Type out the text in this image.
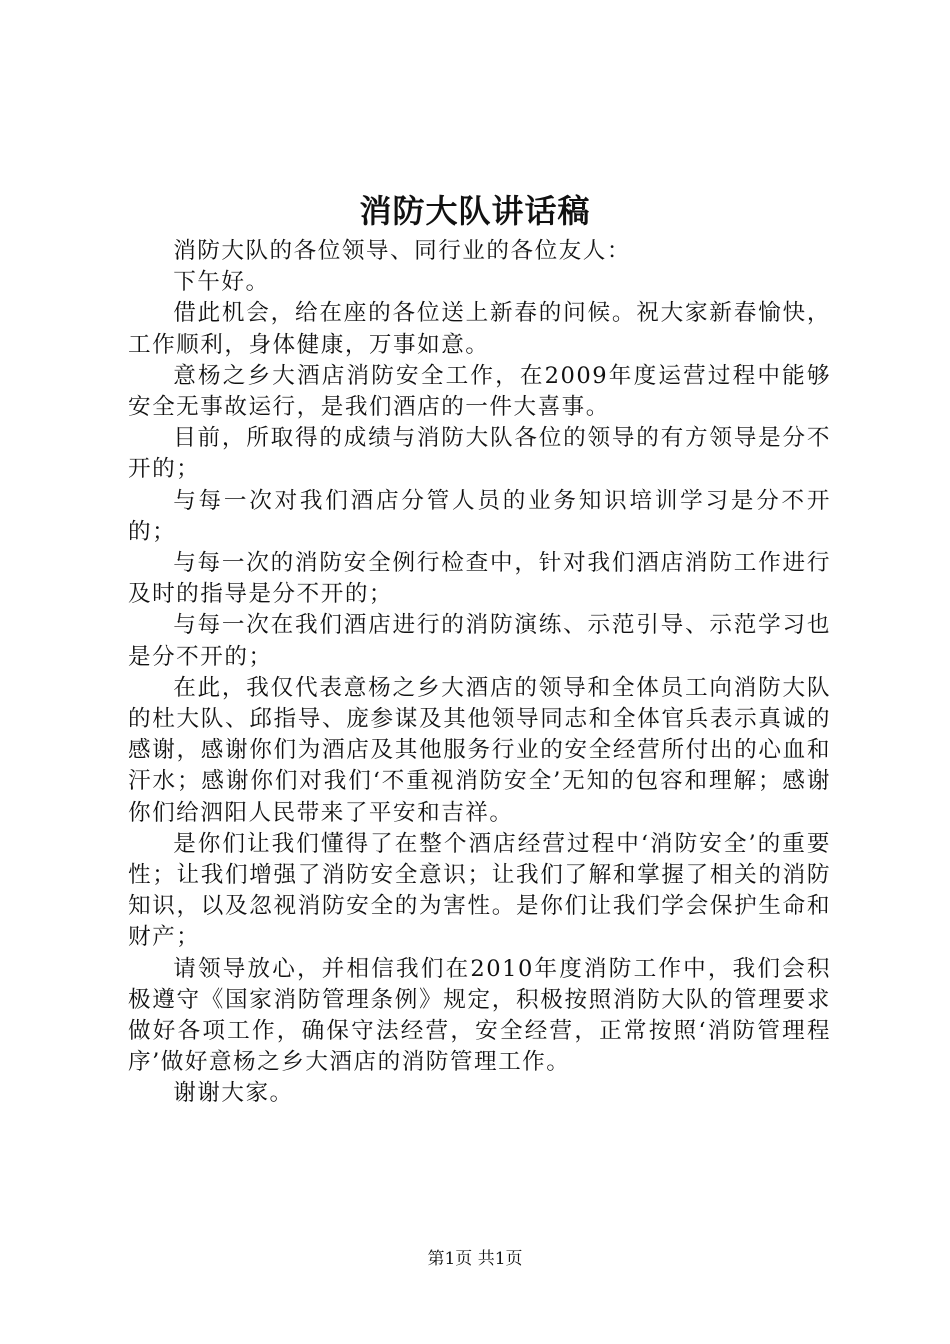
消防大队讲话稿

消防大队的各位领导、同行业的各位友人：

下午好。

借此机会，给在座的各位送上新春的问候。祝大家新春愉快，工作顺利，身体健康，万事如意。

意杨之乡大酒店消防安全工作，在2009年度运营过程中能够安全无事故运行，是我们酒店的一件大喜事。

目前，所取得的成绩与消防大队各位的领导的有方领导是分不开的；

与每一次对我们酒店分管人员的业务知识培训学习是分不开的；

与每一次的消防安全例行检查中，针对我们酒店消防工作进行及时的指导是分不开的；

与每一次在我们酒店进行的消防演练、示范引导、示范学习也是分不开的；

在此，我仅代表意杨之乡大酒店的领导和全体员工向消防大队的杜大队、邱指导、庞参谋及其他领导同志和全体官兵表示真诚的感谢，感谢你们为酒店及其他服务行业的安全经营所付出的心血和汗水；感谢你们对我们‘不重视消防安全’无知的包容和理解；感谢你们给泗阳人民带来了平安和吉祥。

是你们让我们懂得了在整个酒店经营过程中‘消防安全’的重要性；让我们增强了消防安全意识；让我们了解和掌握了相关的消防知识，以及忽视消防安全的为害性。是你们让我们学会保护生命和财产；

请领导放心，并相信我们在2010年度消防工作中，我们会积极遵守《国家消防管理条例》规定，积极按照消防大队的管理要求做好各项工作，确保守法经营，安全经营，正常按照‘消防管理程序’做好意杨之乡大酒店的消防管理工作。

谢谢大家。

第1页 共1页
